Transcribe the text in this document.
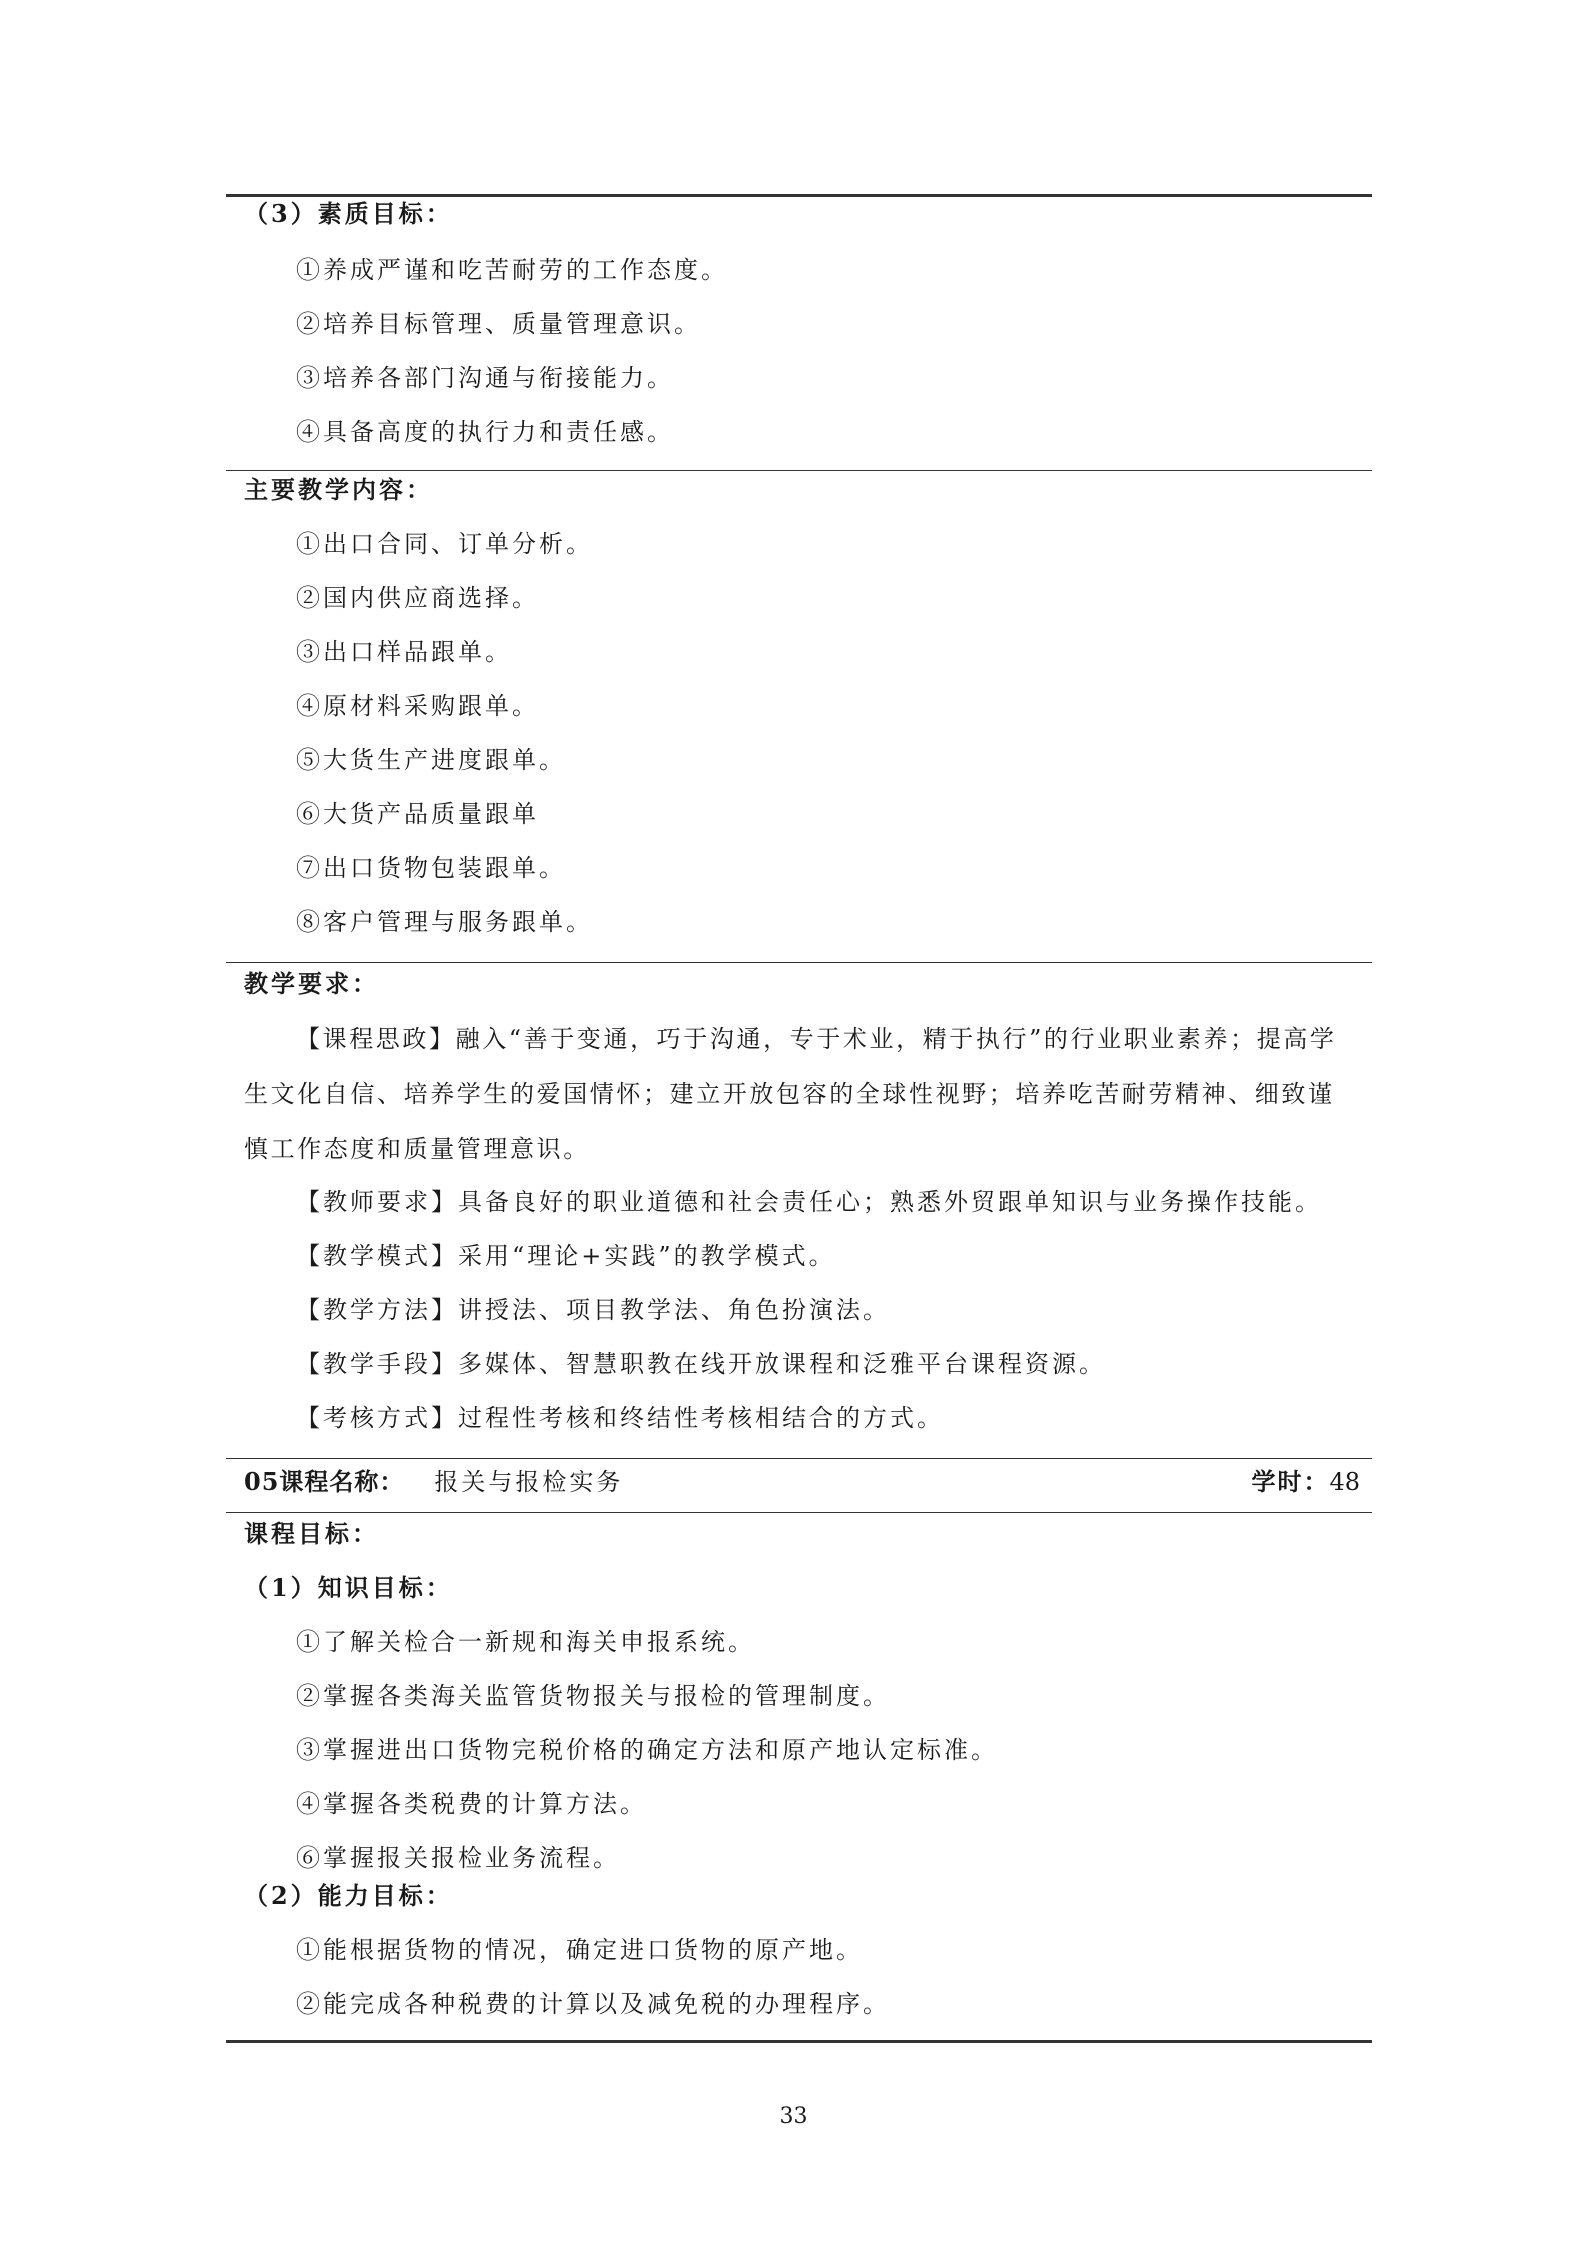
（3）素质目标：
①养成严谨和吃苦耐劳的工作态度。
②培养目标管理、质量管理意识。
③培养各部门沟通与衔接能力。
④具备高度的执行力和责任感。
主要教学内容：
①出口合同、订单分析。
②国内供应商选择。
③出口样品跟单。
④原材料采购跟单。
⑤大货生产进度跟单。
⑥大货产品质量跟单
⑦出口货物包装跟单。
⑧客户管理与服务跟单。
教学要求：
【课程思政】融入“善于变通，巧于沟通，专于术业，精于执行”的行业职业素养；提高学生文化自信、培养学生的爱国情怀；建立开放包容的全球性视野；培养吃苦耐劳精神、细致谨慎工作态度和质量管理意识。
【教师要求】具备良好的职业道德和社会责任心；熟悉外贸跟单知识与业务操作技能。
【教学模式】采用“理论+实践”的教学模式。
【教学方法】讲授法、项目教学法、角色扮演法。
【教学手段】多媒体、智慧职教在线开放课程和泛雅平台课程资源。
【考核方式】过程性考核和终结性考核相结合的方式。
05课程名称： 报关与报检实务	学时：48
课程目标：
（1）知识目标：
①了解关检合一新规和海关申报系统。
②掌握各类海关监管货物报关与报检的管理制度。
③掌握进出口货物完税价格的确定方法和原产地认定标准。
④掌握各类税费的计算方法。
⑥掌握报关报检业务流程。
（2）能力目标：
①能根据货物的情况，确定进口货物的原产地。
②能完成各种税费的计算以及减免税的办理程序。
33
